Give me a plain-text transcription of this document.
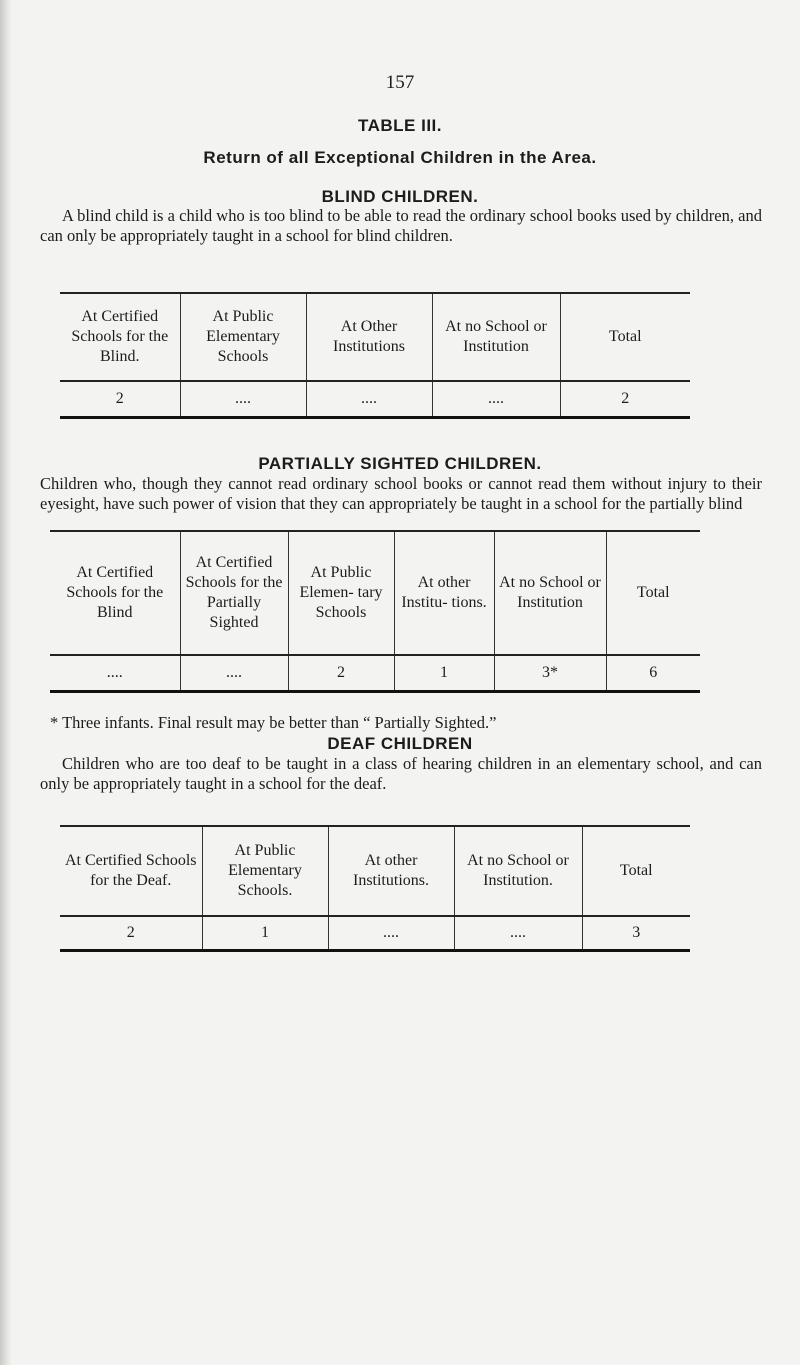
157
TABLE III.
Return of all Exceptional Children in the Area.
BLIND CHILDREN.
A blind child is a child who is too blind to be able to read the ordinary school books used by children, and can only be appropriately taught in a school for blind children.
At Certified Schools for the Blind.	At Public Elementary Schools	At Other Institutions	At no School or Institution	Total
2	....	....	....	2
PARTIALLY SIGHTED CHILDREN.
Children who, though they cannot read ordinary school books or cannot read them without injury to their eyesight, have such power of vision that they can appropriately be taught in a school for the partially blind
At Certified Schools for the Blind	At Certified Schools for the Partially Sighted	At Public Elemen- tary Schools	At other Institu- tions.	At no School or Institution	Total
....	....	2	1	3*	6
* Three infants. Final result may be better than “ Partially Sighted.”
DEAF CHILDREN
Children who are too deaf to be taught in a class of hearing children in an elementary school, and can only be appropriately taught in a school for the deaf.
At Certified Schools for the Deaf.	At Public Elementary Schools.	At other Institutions.	At no School or Institution.	Total
2	1	....	....	3
